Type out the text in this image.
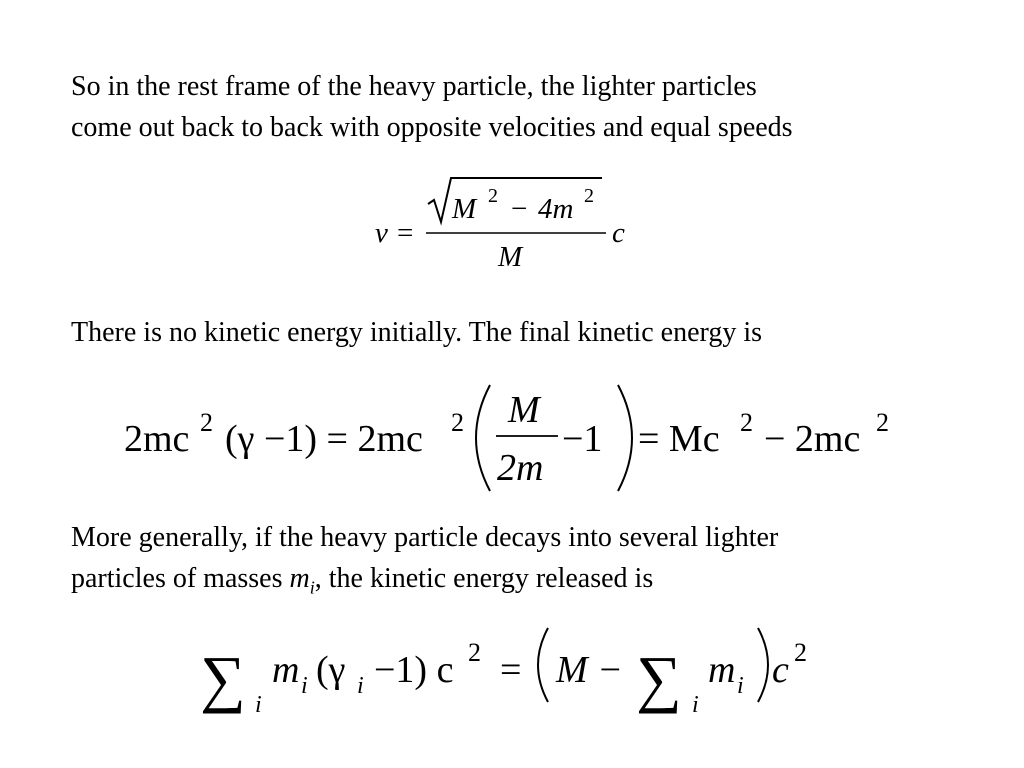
So in the rest frame of the heavy particle, the lighter particles
come out back to back with opposite velocities and equal speeds
v =
M 2 − 4m 2
M
c
There is no kinetic energy initially. The final kinetic energy is
2mc 2 (γ −1) = 2mc 2 M
2m
−1 = Mc 2 − 2mc 2
More generally, if the heavy particle decays into several lighter
particles of masses $m_i$, the kinetic energy released is
∑ i
m i (γ i −1) c 2 = M − ∑ i
m i c 2
